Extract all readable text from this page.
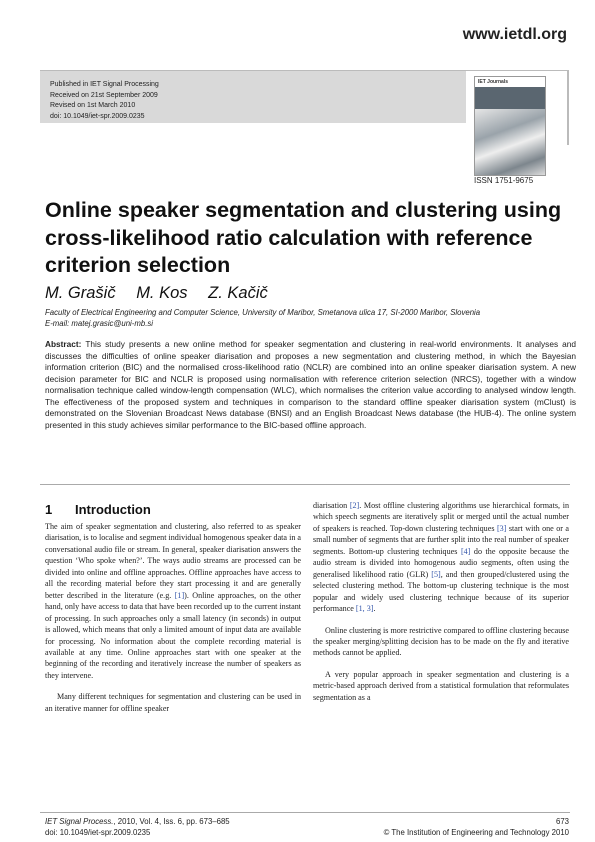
www.ietdl.org
Published in IET Signal Processing
Received on 21st September 2009
Revised on 1st March 2010
doi: 10.1049/iet-spr.2009.0235
IET Journals
ISSN 1751-9675
Online speaker segmentation and clustering using cross-likelihood ratio calculation with reference criterion selection
M. Grašič M. Kos Z. Kačič
Faculty of Electrical Engineering and Computer Science, University of Maribor, Smetanova ulica 17, SI-2000 Maribor, Slovenia
E-mail: matej.grasic@uni-mb.si
Abstract: This study presents a new online method for speaker segmentation and clustering in real-world environments. It analyses and discusses the difficulties of online speaker diarisation and proposes a new segmentation and clustering method, in which the Bayesian information criterion (BIC) and the normalised cross-likelihood ratio (NCLR) are combined into an online speaker diarisation system. A new decision parameter for BIC and NCLR is proposed using normalisation with reference criterion selection (NRCS), together with a window normalisation technique called window-length compensation (WLC), which normalises the criterion value according to analysed window length. The effectiveness of the proposed system and techniques in comparison to the standard offline speaker diarisation system (mClust) is demonstrated on the Slovenian Broadcast News database (BNSI) and an English Broadcast News database (the HUB-4). The online system presented in this study achieves similar performance to the BIC-based offline approach.
1 Introduction

The aim of speaker segmentation and clustering, also referred to as speaker diarisation, is to localise and segment individual homogenous speaker data in a conversational audio file or stream. In general, speaker diarisation answers the question ‘Who spoke when?’. The ways audio streams are processed can be divided into online and offline approaches. Offline approaches have access to all the recording material before they start processing it and are generally better described in the literature (e.g. [1]). Online approaches, on the other hand, only have access to data that have been recorded up to the current instant of processing. In such approaches only a small latency (in seconds) in output is allowed, which means that only a limited amount of input data are available for processing. No information about the complete recording material is available at any time. Online approaches start with one speaker at the beginning of the recording and iteratively increase the number of speakers as they intervene.

Many different techniques for segmentation and clustering can be used in an iterative manner for offline speaker

diarisation [2]. Most offline clustering algorithms use hierarchical formats, in which speech segments are iteratively split or merged until the actual number of speakers is reached. Top-down clustering techniques [3] start with one or a small number of segments that are further split into the real number of speaker segments. Bottom-up clustering techniques [4] do the opposite because the audio stream is divided into homogenous audio segments, often using the generalised likelihood ratio (GLR) [5], and then grouped/clustered using the selected clustering method. The bottom-up clustering technique is the most popular and widely used clustering technique because of its superior performance [1, 3].

Online clustering is more restrictive compared to offline clustering because the speaker merging/splitting decision has to be made on the fly and iterative methods cannot be applied.

A very popular approach in speaker segmentation and clustering is a metric-based approach derived from a statistical formulation that reformulates segmentation as a

IET Signal Process., 2010, Vol. 4, Iss. 6, pp. 673–685
doi: 10.1049/iet-spr.2009.0235
673
© The Institution of Engineering and Technology 2010
